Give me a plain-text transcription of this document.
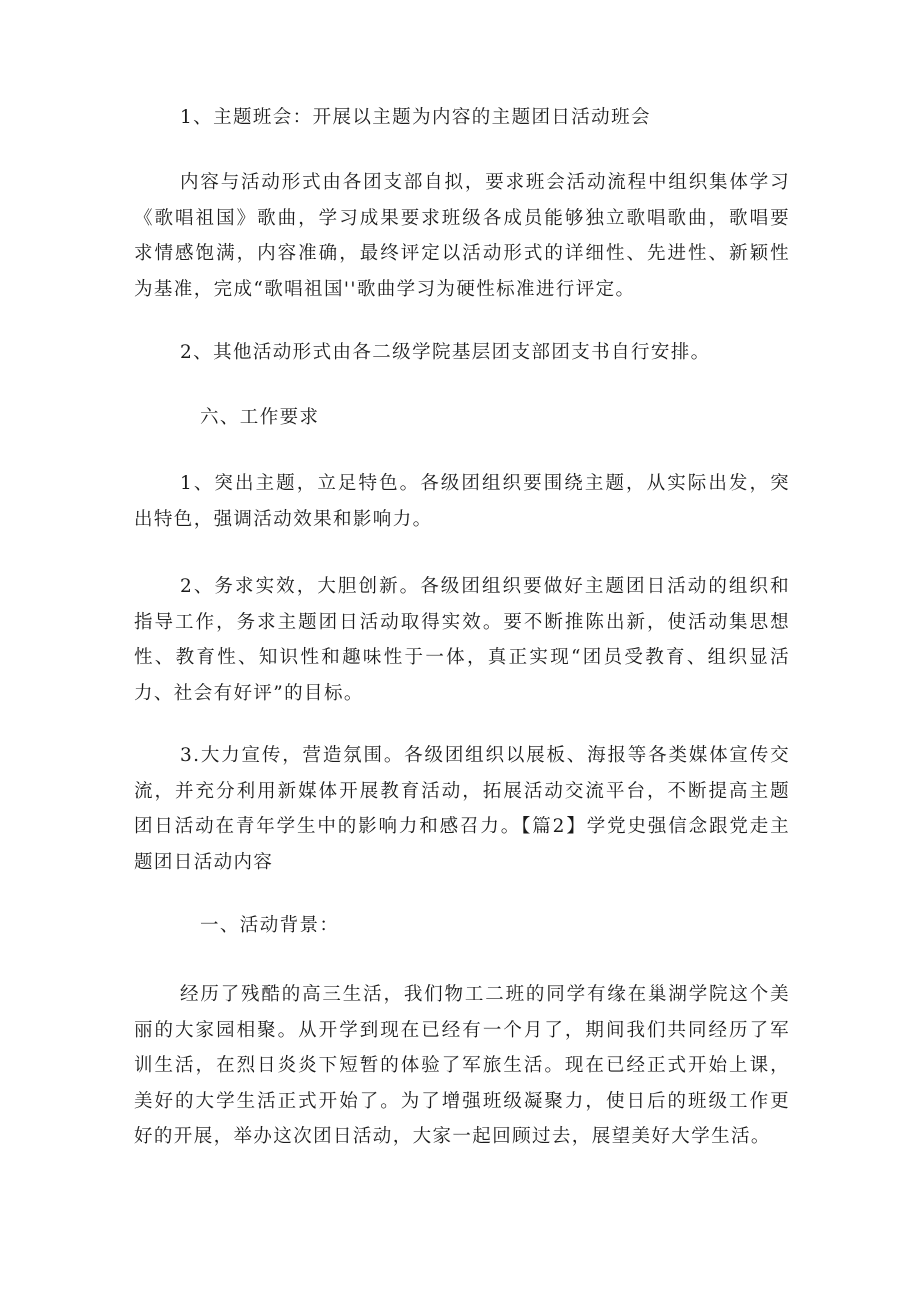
1、主题班会：开展以主题为内容的主题团日活动班会

内容与活动形式由各团支部自拟，要求班会活动流程中组织集体学习《歌唱祖国》歌曲，学习成果要求班级各成员能够独立歌唱歌曲，歌唱要求情感饱满，内容准确，最终评定以活动形式的详细性、先进性、新颖性为基准，完成“歌唱祖国''歌曲学习为硬性标准进行评定。

2、其他活动形式由各二级学院基层团支部团支书自行安排。

六、工作要求

1、突出主题，立足特色。各级团组织要围绕主题，从实际出发，突出特色，强调活动效果和影响力。

2、务求实效，大胆创新。各级团组织要做好主题团日活动的组织和指导工作，务求主题团日活动取得实效。要不断推陈出新，使活动集思想性、教育性、知识性和趣味性于一体，真正实现“团员受教育、组织显活力、社会有好评”的目标。

3.大力宣传，营造氛围。各级团组织以展板、海报等各类媒体宣传交流，并充分利用新媒体开展教育活动，拓展活动交流平台，不断提高主题团日活动在青年学生中的影响力和感召力。【篇2】学党史强信念跟党走主题团日活动内容

一、活动背景：

经历了残酷的高三生活，我们物工二班的同学有缘在巢湖学院这个美丽的大家园相聚。从开学到现在已经有一个月了，期间我们共同经历了军训生活，在烈日炎炎下短暂的体验了军旅生活。现在已经正式开始上课，美好的大学生活正式开始了。为了增强班级凝聚力，使日后的班级工作更好的开展，举办这次团日活动，大家一起回顾过去，展望美好大学生活。
